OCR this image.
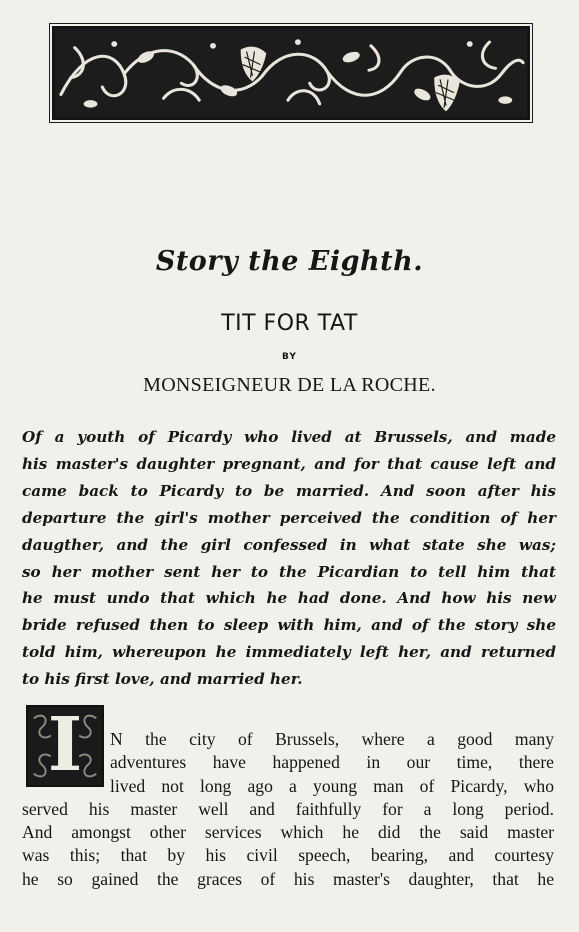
Story the Eighth.
TIT FOR TAT
BY
MONSEIGNEUR DE LA ROCHE.
Of a youth of Picardy who lived at Brussels, and made
his master's daughter pregnant, and for that cause left and
came back to Picardy to be married. And soon after his
departure the girl's mother perceived the condition of her
daugther, and the girl confessed in what state she was;
so her mother sent her to the Picardian to tell him that
he must undo that which he had done. And how his new
bride refused then to sleep with him, and of the story she
told him, whereupon he immediately left her, and returned
to his first love, and married her.
I	N the city of Brussels, where a good many
adventures have happened in our time, there
lived not long ago a young man of Picardy, who
served his master well and faithfully for a long period.
And amongst other services which he did the said master
was this; that by his civil speech, bearing, and courtesy
he so gained the graces of his master's daughter, that he
